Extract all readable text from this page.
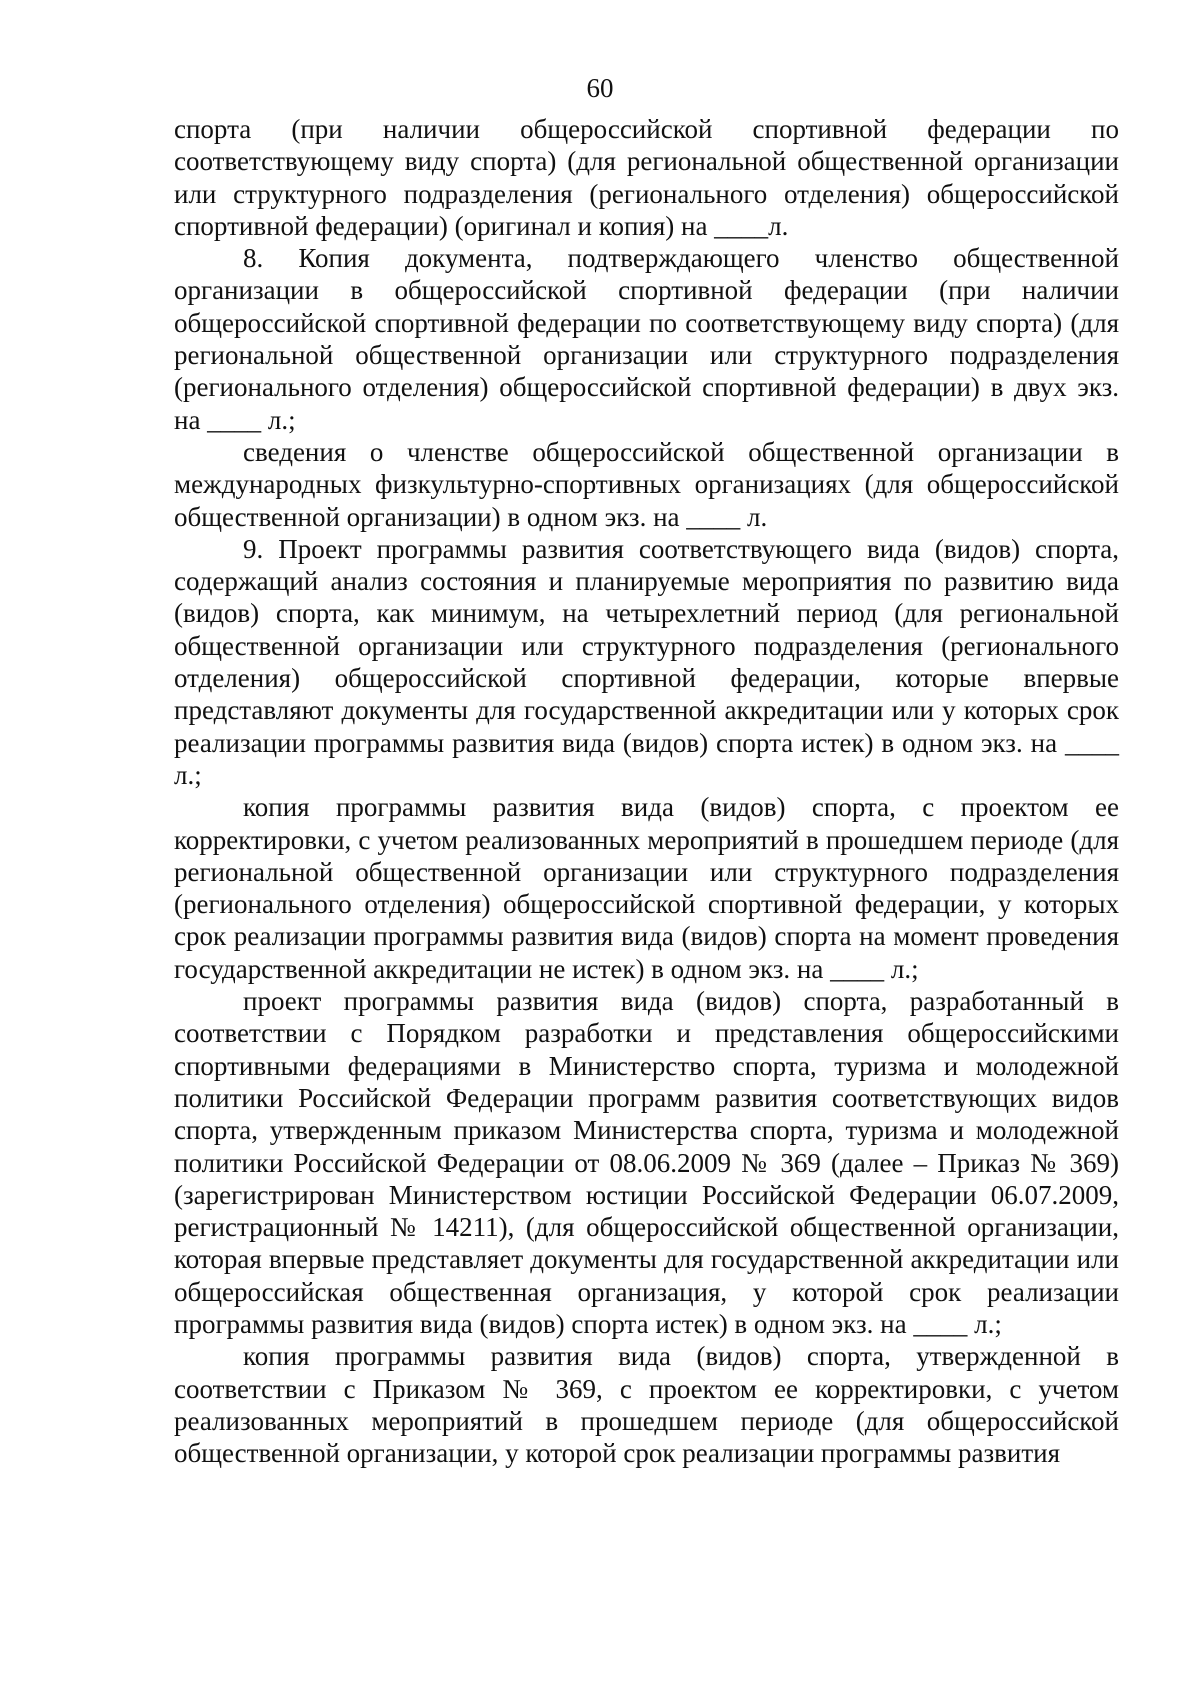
60

спорта (при наличии общероссийской спортивной федерации по соответствующему виду спорта) (для региональной общественной организации или структурного подразделения (регионального отделения) общероссийской спортивной федерации) (оригинал и копия) на ____л.

8. Копия документа, подтверждающего членство общественной организации в общероссийской спортивной федерации (при наличии общероссийской спортивной федерации по соответствующему виду спорта) (для региональной общественной организации или структурного подразделения (регионального отделения) общероссийской спортивной федерации) в двух экз. на ____ л.;

сведения о членстве общероссийской общественной организации в международных физкультурно-спортивных организациях (для общероссийской общественной организации) в одном экз. на ____ л.

9. Проект программы развития соответствующего вида (видов) спорта, содержащий анализ состояния и планируемые мероприятия по развитию вида (видов) спорта, как минимум, на четырехлетний период (для региональной общественной организации или структурного подразделения (регионального отделения) общероссийской спортивной федерации, которые впервые представляют документы для государственной аккредитации или у которых срок реализации программы развития вида (видов) спорта истек) в одном экз. на ____ л.;

копия программы развития вида (видов) спорта, с проектом ее корректировки, с учетом реализованных мероприятий в прошедшем периоде (для региональной общественной организации или структурного подразделения (регионального отделения) общероссийской спортивной федерации, у которых срок реализации программы развития вида (видов) спорта на момент проведения государственной аккредитации не истек) в одном экз. на ____ л.;

проект программы развития вида (видов) спорта, разработанный в соответствии с Порядком разработки и представления общероссийскими спортивными федерациями в Министерство спорта, туризма и молодежной политики Российской Федерации программ развития соответствующих видов спорта, утвержденным приказом Министерства спорта, туризма и молодежной политики Российской Федерации от 08.06.2009 № 369 (далее – Приказ № 369) (зарегистрирован Министерством юстиции Российской Федерации 06.07.2009, регистрационный № 14211), (для общероссийской общественной организации, которая впервые представляет документы для государственной аккредитации или общероссийская общественная организация, у которой срок реализации программы развития вида (видов) спорта истек) в одном экз. на ____ л.;

копия программы развития вида (видов) спорта, утвержденной в соответствии с Приказом № 369, с проектом ее корректировки, с учетом реализованных мероприятий в прошедшем периоде (для общероссийской общественной организации, у которой срок реализации программы развития
